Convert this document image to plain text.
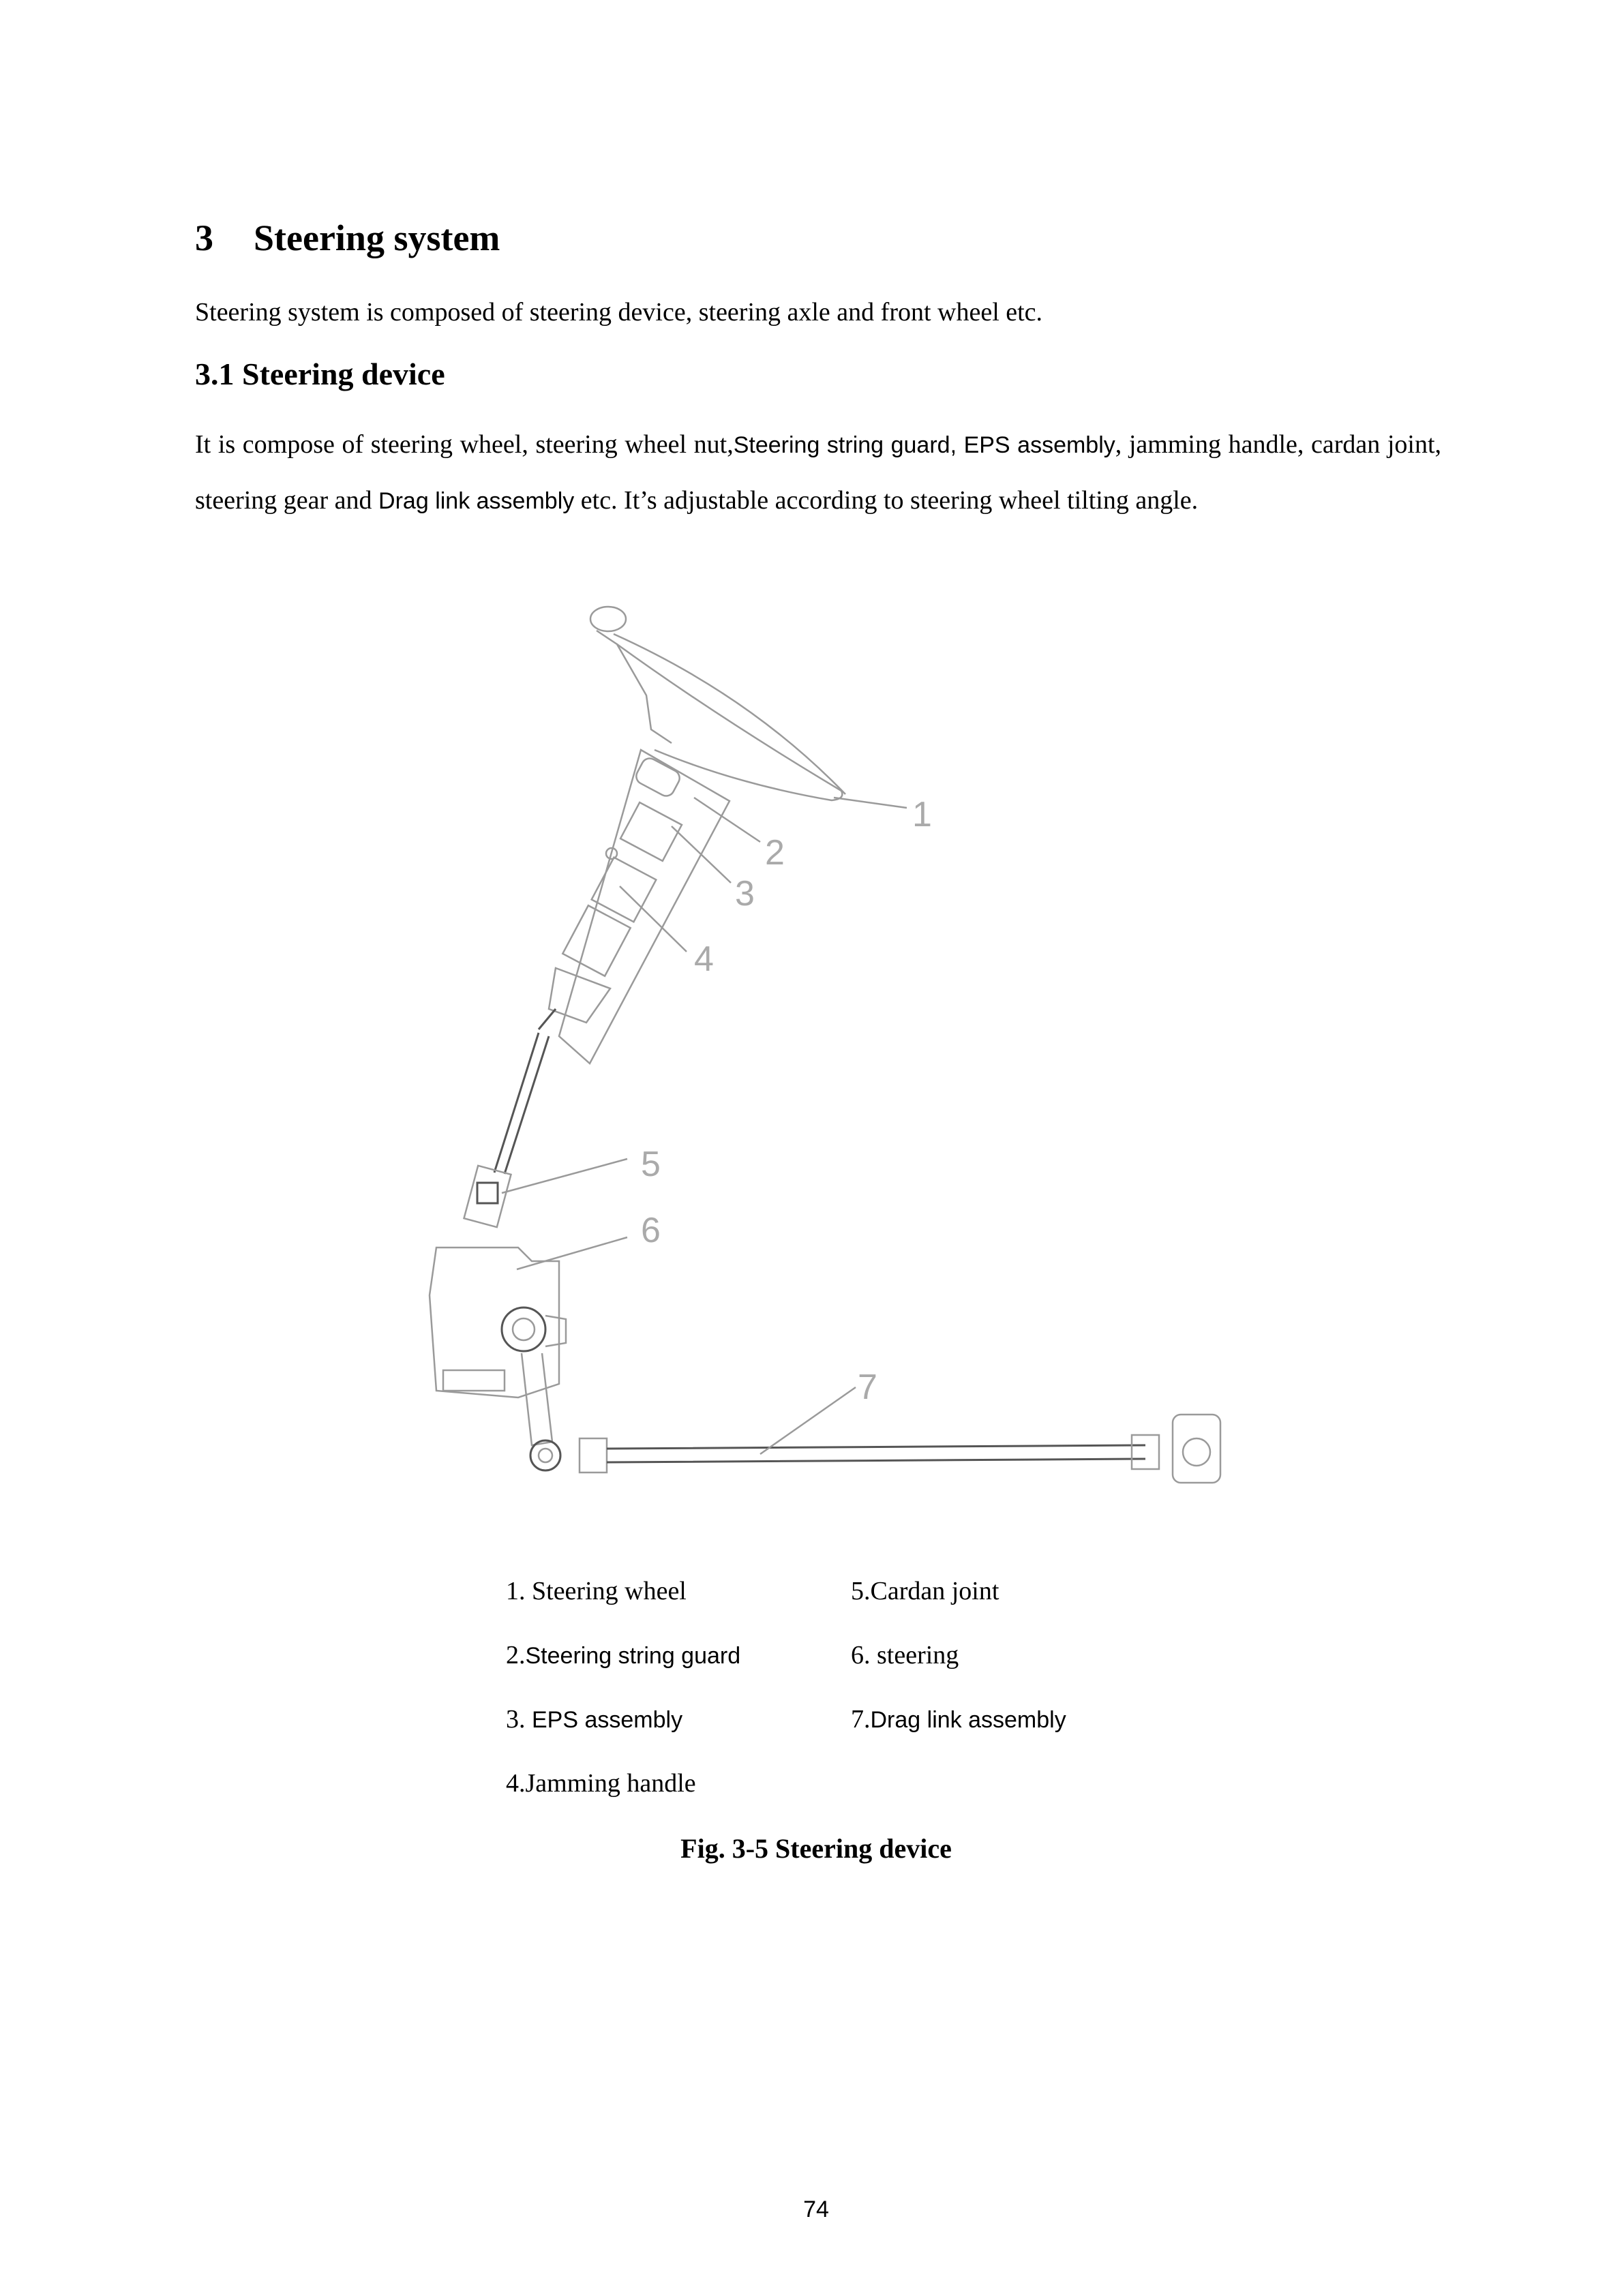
3 Steering system
Steering system is composed of steering device, steering axle and front wheel etc.
3.1 Steering device
It is compose of steering wheel, steering wheel nut,Steering string guard, EPS assembly, jamming handle, cardan joint, steering gear and Drag link assembly etc. It’s adjustable according to steering wheel tilting angle.
1
2
3
4
5
6
7
1. Steering wheel
2.Steering string guard
3. EPS assembly
4.Jamming handle
5.Cardan joint
6. steering
7.Drag link assembly
Fig. 3-5 Steering device
74
